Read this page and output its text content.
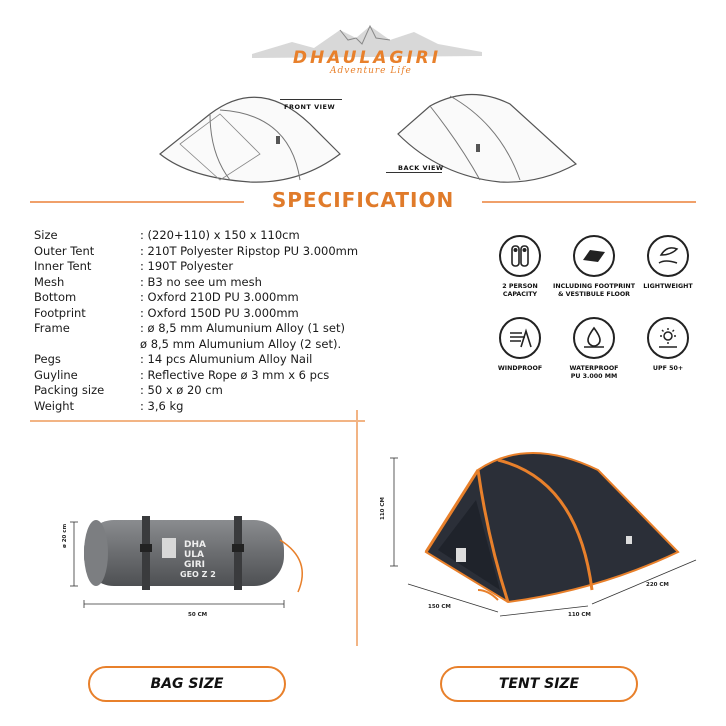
DHAULAGIRI
Adventure Life
FRONT VIEW
BACK VIEW
SPECIFICATION
Size	: (220+110) x 150 x 110cm
Outer Tent	: 210T Polyester Ripstop PU 3.000mm
Inner Tent	: 190T Polyester
Mesh	: B3 no see um mesh
Bottom	: Oxford 210D PU 3.000mm
Footprint	: Oxford 150D PU 3.000mm
Frame	: ø 8,5 mm Alumunium Alloy (1 set)
ø 8,5 mm Alumunium Alloy (2 set).
Pegs	: 14 pcs Alumunium Alloy Nail
Guyline	: Reflective Rope ø 3 mm x 6 pcs
Packing size	: 50 x ø 20 cm
Weight	: 3,6 kg
2 PERSON
CAPACITY
INCLUDING FOOTPRINT
& VESTIBULE FLOOR
LIGHTWEIGHT
WINDPROOF	WATERPROOF
PU 3.000 MM
UPF 50+
DHA
ULA
GIRI
GEO Z 2
ø 20 cm
50 CM
110 CM
150 CM
110 CM
220 CM
BAG SIZE	TENT SIZE
